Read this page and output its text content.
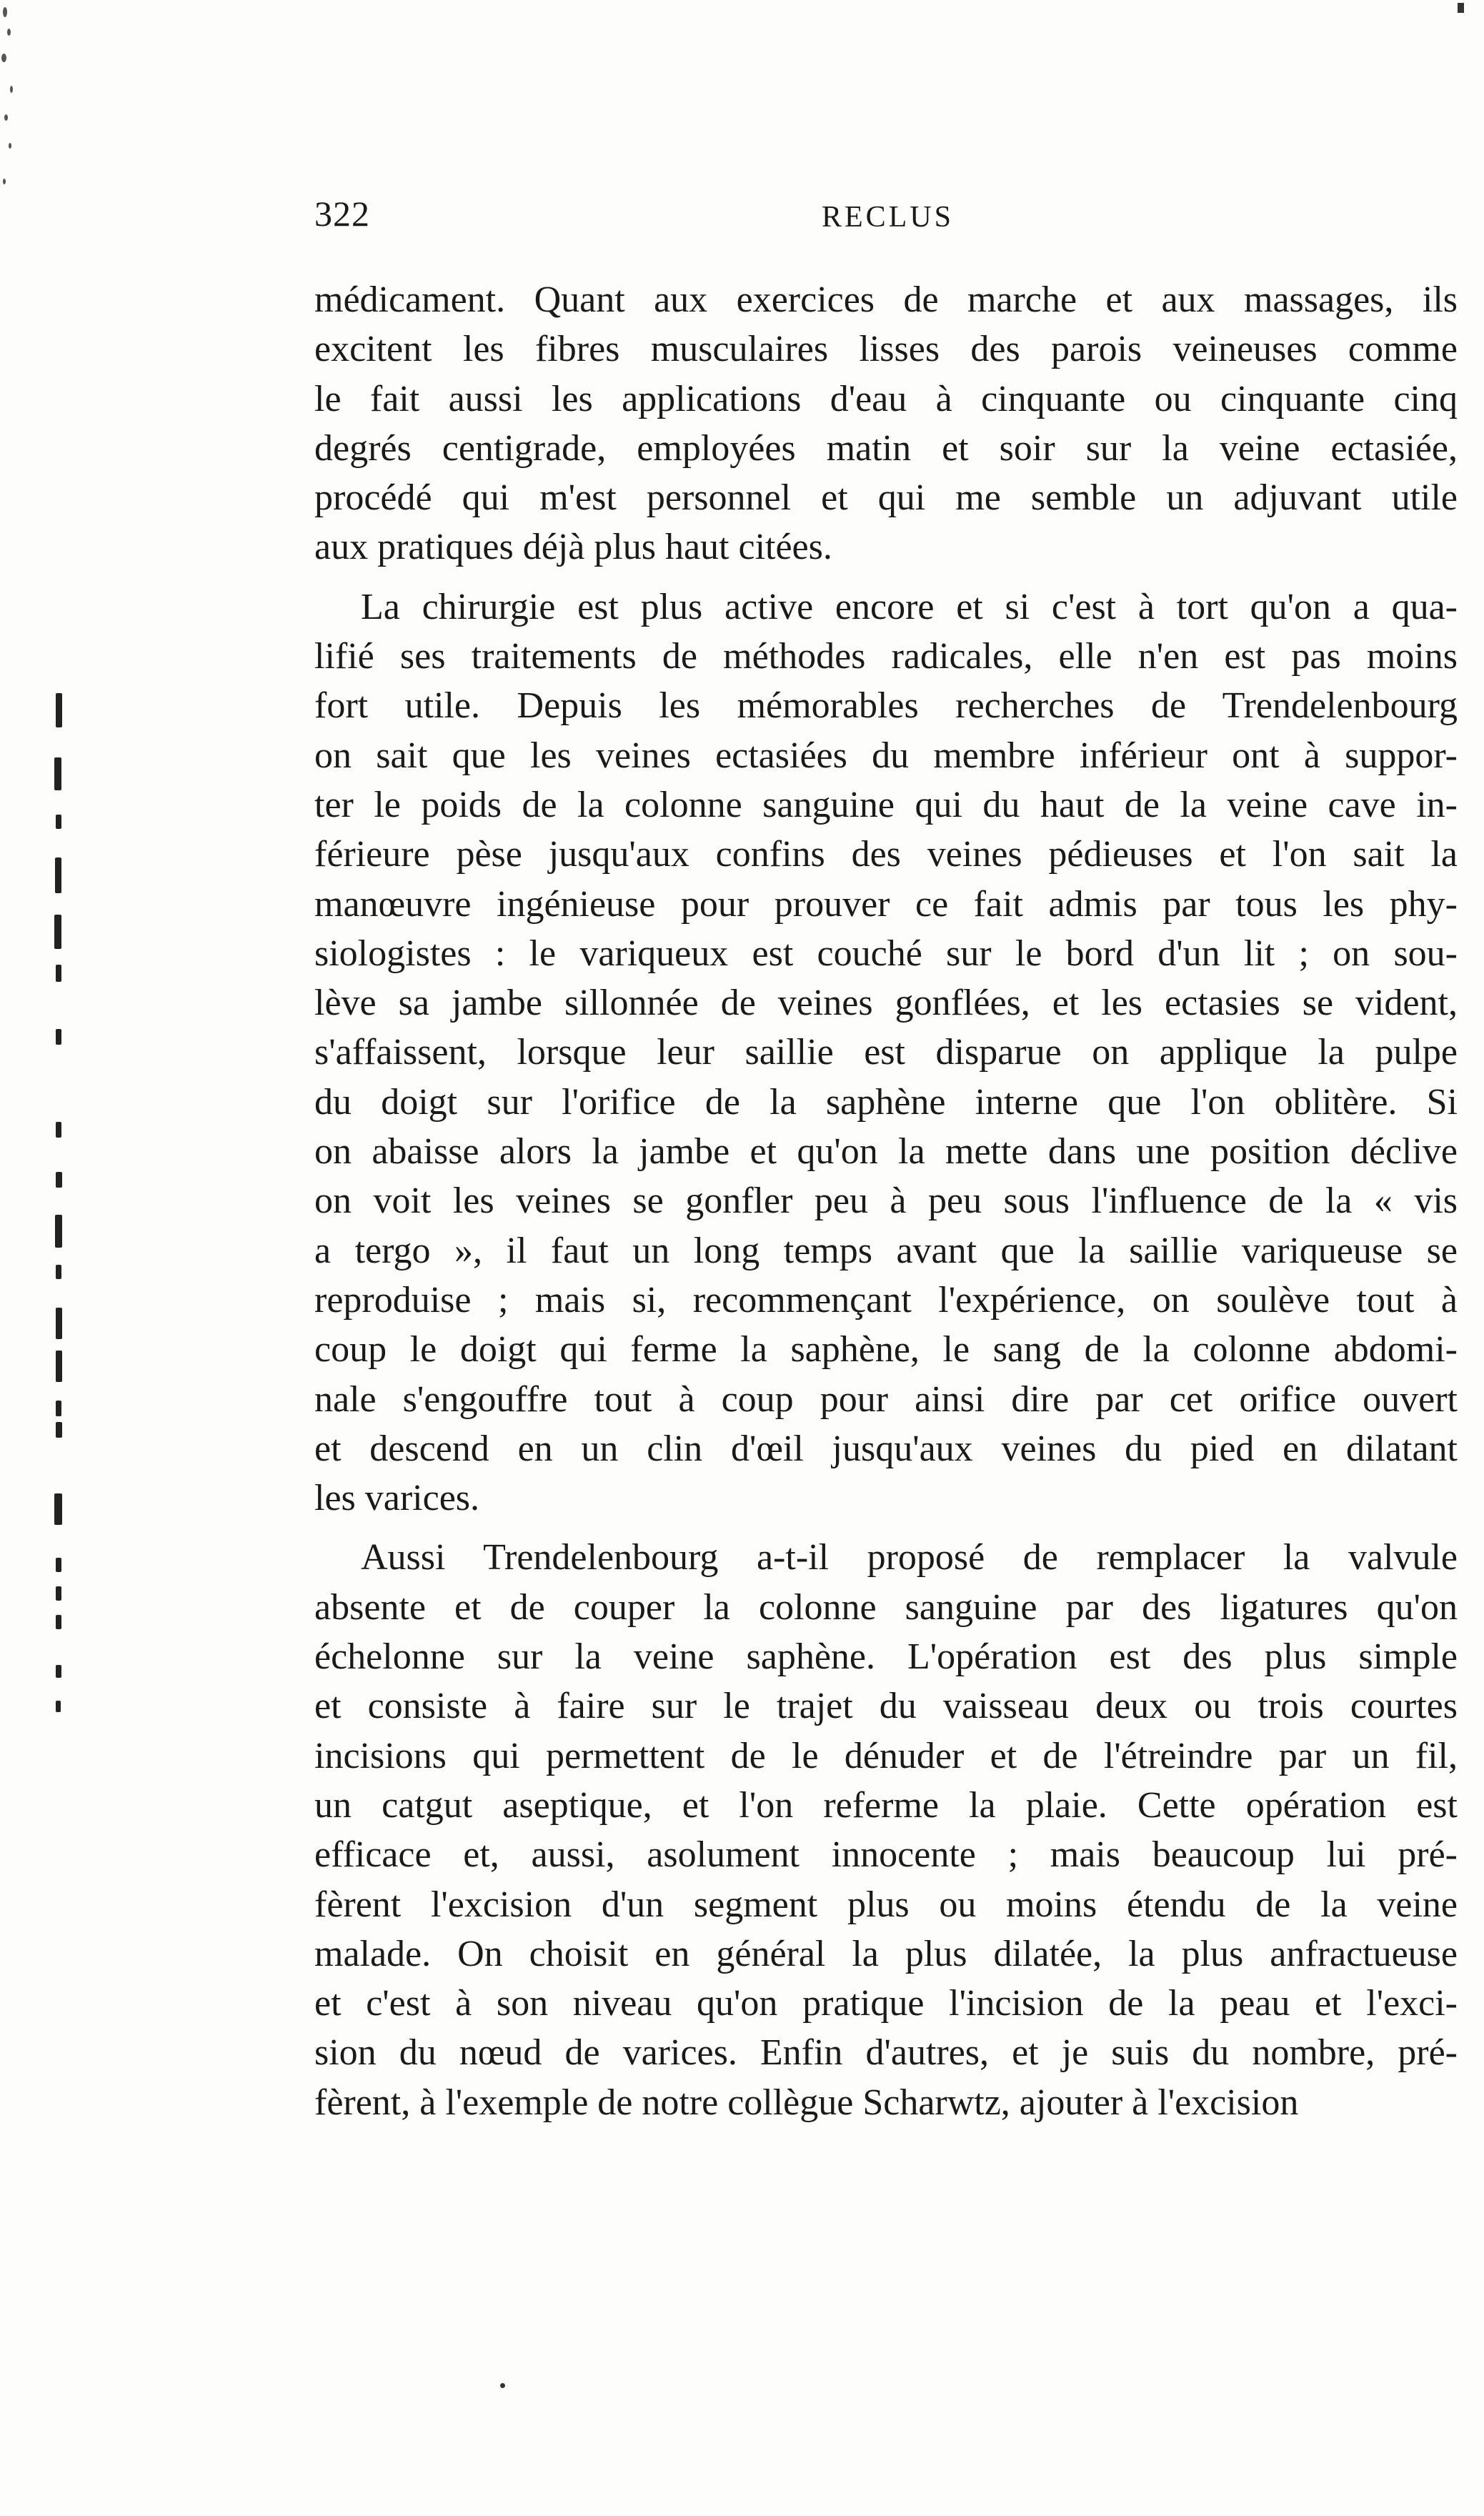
322	RECLUS
médicament. Quant aux exercices de marche et aux massages, ils
excitent les fibres musculaires lisses des parois veineuses comme
le fait aussi les applications d'eau à cinquante ou cinquante cinq
degrés centigrade, employées matin et soir sur la veine ectasiée,
procédé qui m'est personnel et qui me semble un adjuvant utile
aux pratiques déjà plus haut citées.
La chirurgie est plus active encore et si c'est à tort qu'on a qua-
lifié ses traitements de méthodes radicales, elle n'en est pas moins
fort utile. Depuis les mémorables recherches de Trendelenbourg
on sait que les veines ectasiées du membre inférieur ont à suppor-
ter le poids de la colonne sanguine qui du haut de la veine cave in-
férieure pèse jusqu'aux confins des veines pédieuses et l'on sait la
manœuvre ingénieuse pour prouver ce fait admis par tous les phy-
siologistes : le variqueux est couché sur le bord d'un lit ; on sou-
lève sa jambe sillonnée de veines gonflées, et les ectasies se vident,
s'affaissent, lorsque leur saillie est disparue on applique la pulpe
du doigt sur l'orifice de la saphène interne que l'on oblitère. Si
on abaisse alors la jambe et qu'on la mette dans une position déclive
on voit les veines se gonfler peu à peu sous l'influence de la « vis
a tergo », il faut un long temps avant que la saillie variqueuse se
reproduise ; mais si, recommençant l'expérience, on soulève tout à
coup le doigt qui ferme la saphène, le sang de la colonne abdomi-
nale s'engouffre tout à coup pour ainsi dire par cet orifice ouvert
et descend en un clin d'œil jusqu'aux veines du pied en dilatant
les varices.
Aussi Trendelenbourg a-t-il proposé de remplacer la valvule
absente et de couper la colonne sanguine par des ligatures qu'on
échelonne sur la veine saphène. L'opération est des plus simple
et consiste à faire sur le trajet du vaisseau deux ou trois courtes
incisions qui permettent de le dénuder et de l'étreindre par un fil,
un catgut aseptique, et l'on referme la plaie. Cette opération est
efficace et, aussi, asolument innocente ; mais beaucoup lui pré-
fèrent l'excision d'un segment plus ou moins étendu de la veine
malade. On choisit en général la plus dilatée, la plus anfractueuse
et c'est à son niveau qu'on pratique l'incision de la peau et l'exci-
sion du nœud de varices. Enfin d'autres, et je suis du nombre, pré-
fèrent, à l'exemple de notre collègue Scharwtz, ajouter à l'excision
